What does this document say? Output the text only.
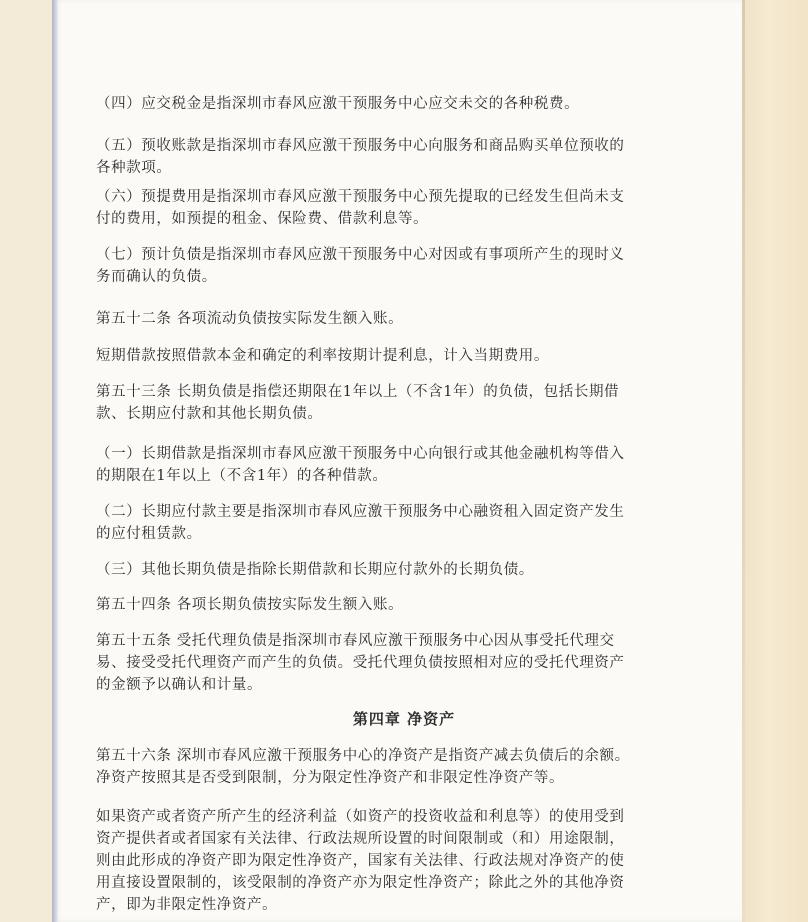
（四）应交税金是指深圳市春风应激干预服务中心应交未交的各种税费。

（五）预收账款是指深圳市春风应激干预服务中心向服务和商品购买单位预收的各种款项。

（六）预提费用是指深圳市春风应激干预服务中心预先提取的已经发生但尚未支付的费用，如预提的租金、保险费、借款利息等。

（七）预计负债是指深圳市春风应激干预服务中心对因或有事项所产生的现时义务而确认的负债。

第五十二条 各项流动负债按实际发生额入账。

短期借款按照借款本金和确定的利率按期计提利息，计入当期费用。

第五十三条 长期负债是指偿还期限在1年以上（不含1年）的负债，包括长期借款、长期应付款和其他长期负债。

（一）长期借款是指深圳市春风应激干预服务中心向银行或其他金融机构等借入的期限在1年以上（不含1年）的各种借款。

（二）长期应付款主要是指深圳市春风应激干预服务中心融资租入固定资产发生的应付租赁款。

（三）其他长期负债是指除长期借款和长期应付款外的长期负债。

第五十四条 各项长期负债按实际发生额入账。

第五十五条 受托代理负债是指深圳市春风应激干预服务中心因从事受托代理交易、接受受托代理资产而产生的负债。受托代理负债按照相对应的受托代理资产的金额予以确认和计量。

第四章 净资产

第五十六条 深圳市春风应激干预服务中心的净资产是指资产减去负债后的余额。净资产按照其是否受到限制，分为限定性净资产和非限定性净资产等。

如果资产或者资产所产生的经济利益（如资产的投资收益和利息等）的使用受到资产提供者或者国家有关法律、行政法规所设置的时间限制或（和）用途限制，则由此形成的净资产即为限定性净资产，国家有关法律、行政法规对净资产的使用直接设置限制的，该受限制的净资产亦为限定性净资产；除此之外的其他净资产，即为非限定性净资产。
